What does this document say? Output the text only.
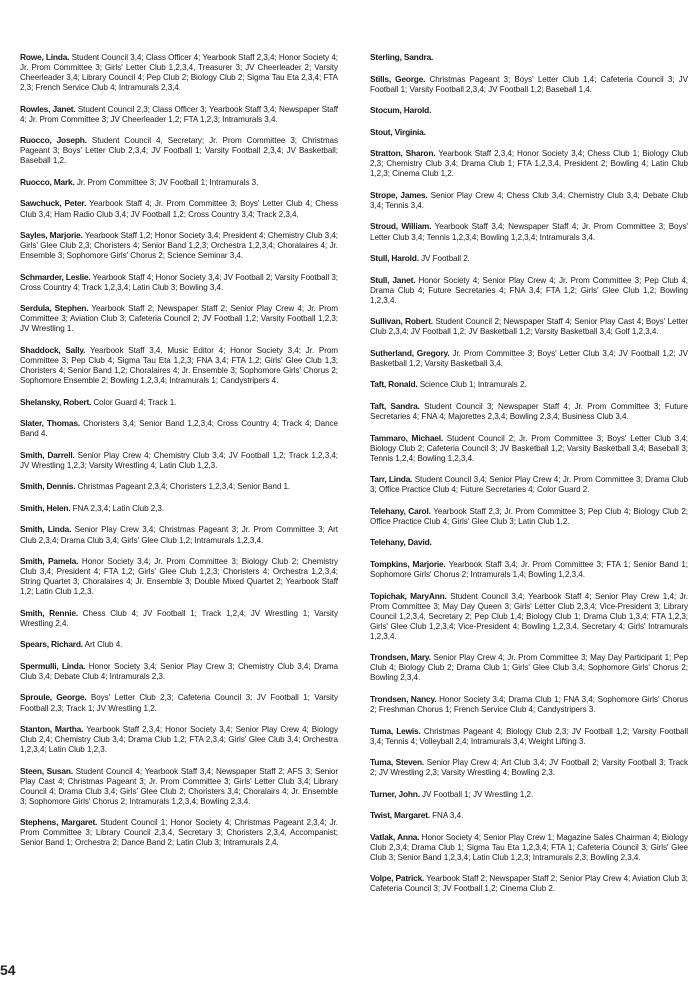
Rowe, Linda. Student Council 3,4; Class Officer 4; Yearbook Staff 2,3,4; Honor Society 4; Jr. Prom Committee 3; Girls' Letter Club 1,2,3,4, Treasurer 3; JV Cheerleader 2; Varsity Cheerleader 3,4; Library Council 4; Pep Club 2; Biology Club 2; Sigma Tau Eta 2,3,4; FTA 2,3; French Service Club 4; Intramurals 2,3,4.

Rowles, Janet. Student Council 2,3; Class Officer 3; Yearbook Staff 3,4; Newspaper Staff 4; Jr. Prom Committee 3; JV Cheerleader 1,2; FTA 1,2,3; Intramurals 3,4.

Ruocco, Joseph. Student Council 4, Secretary; Jr. Prom Committee 3; Christmas Pageant 3; Boys' Letter Club 2,3,4; JV Football 1; Varsity Football 2,3,4; JV Basketball; Baseball 1,2.

Ruocco, Mark. Jr. Prom Committee 3; JV Football 1; Intramurals 3.

Sawchuck, Peter. Yearbook Staff 4; Jr. Prom Committee 3; Boys' Letter Club 4; Chess Club 3,4; Ham Radio Club 3,4; JV Football 1,2; Cross Country 3,4; Track 2,3,4.

Sayles, Marjorie. Yearbook Staff 1,2; Honor Society 3,4; President 4; Chemistry Club 3,4; Girls' Glee Club 2,3; Choristers 4; Senior Band 1,2,3; Orchestra 1,2,3,4; Choralaires 4; Jr. Ensemble 3; Sophomore Girls' Chorus 2; Science Seminar 3,4.

Schmarder, Leslie. Yearbook Staff 4; Honor Society 3,4; JV Football 2; Varsity Football 3; Cross Country 4; Track 1,2,3,4; Latin Club 3; Bowling 3,4.

Serdula, Stephen. Yearbook Staff 2; Newspaper Staff 2; Senior Play Crew 4; Jr. Prom Committee 3; Aviation Club 3; Cafeteria Council 2; JV Football 1,2; Varsity Football 1,2,3; JV Wrestling 1.

Shaddock, Sally. Yearbook Staff 3,4, Music Editor 4; Honor Society 3,4; Jr. Prom Committee 3; Pep Club 4; Sigma Tau Eta 1,2,3; FNA 3,4; FTA 1,2; Girls' Glee Club 1,3; Choristers 4; Senior Band 1,2; Choralaires 4; Jr. Ensemble 3; Sophomore Girls' Chorus 2; Sophomore Ensemble 2; Bowling 1,2,3,4; Intramurals 1; Candystripers 4.

Shelansky, Robert. Color Guard 4; Track 1.

Slater, Thomas. Choristers 3,4; Senior Band 1,2,3,4; Cross Country 4; Track 4; Dance Band 4.

Smith, Darrell. Senior Play Crew 4; Chemistry Club 3,4; JV Football 1,2; Track 1,2,3,4; JV Wrestling 1,2,3; Varsity Wrestling 4; Latin Club 1,2,3.

Smith, Dennis. Christmas Pageant 2,3,4; Choristers 1,2,3,4; Senior Band 1.

Smith, Helen. FNA 2,3,4; Latin Club 2,3.

Smith, Linda. Senior Play Crew 3,4; Christmas Pageant 3; Jr. Prom Committee 3; Art Club 2,3,4; Drama Club 3,4; Girls' Glee Club 1,2; Intramurals 1,2,3,4.

Smith, Pamela. Honor Society 3,4; Jr. Prom Committee 3; Biology Club 2; Chemistry Club 3,4; President 4; FTA 1,2; Girls' Glee Club 1,2,3; Choristers 4; Orchestra 1,2,3,4; String Quartet 3; Choralaires 4; Jr. Ensemble 3; Double Mixed Quartet 2; Yearbook Staff 1,2; Latin Club 1,2,3.

Smith, Rennie. Chess Club 4; JV Football 1; Track 1,2,4; JV Wrestling 1; Varsity Wrestling 2,4.

Spears, Richard. Art Club 4.

Spermulli, Linda. Honor Society 3,4; Senior Play Crew 3; Chemistry Club 3,4; Drama Club 3,4; Debate Club 4; Intramurals 2,3.

Sproule, George. Boys' Letter Club 2,3; Cafeteria Council 3; JV Football 1; Varsity Football 2,3; Track 1; JV Wrestling 1,2.

Stanton, Martha. Yearbook Staff 2,3,4; Honor Society 3,4; Senior Play Crew 4; Biology Club 2,4; Chemistry Club 3,4; Drama Club 1,2; FTA 2,3,4; Girls' Glee Club 3,4; Orchestra 1,2,3,4; Latin Club 1,2,3.

Steen, Susan. Student Council 4; Yearbook Staff 3,4; Newspaper Staff 2; AFS 3; Senior Play Cast 4; Christmas Pageant 3; Jr. Prom Committee 3; Girls' Letter Club 3,4; Library Council 4; Drama Club 3,4; Girls' Glee Club 2; Choristers 3,4; Choralairs 4; Jr. Ensemble 3; Sophomore Girls' Chorus 2; Intramurals 1,2,3,4; Bowling 2,3,4.

Stephens, Margaret. Student Council 1; Honor Society 4; Christmas Pageant 2,3,4; Jr. Prom Committee 3; Library Council 2,3,4, Secretary 3; Choristers 2,3,4, Accompanist; Senior Band 1; Orchestra 2; Dance Band 2; Latin Club 3; Intramurals 2,4.

Sterling, Sandra.

Stills, George. Christmas Pageant 3; Boys' Letter Club 1,4; Cafeteria Council 3; JV Football 1; Varsity Football 2,3,4; JV Football 1,2; Baseball 1,4.

Stocum, Harold.

Stout, Virginia.

Stratton, Sharon. Yearbook Staff 2,3,4; Honor Society 3,4; Chess Club 1; Biology Club 2,3; Chemistry Club 3,4; Drama Club 1; FTA 1,2,3,4, President 2; Bowling 4; Latin Club 1,2,3; Cinema Club 1,2.

Strope, James. Senior Play Crew 4; Chess Club 3,4; Chemistry Club 3,4; Debate Club 3,4; Tennis 3,4.

Stroud, William. Yearbook Staff 3,4; Newspaper Staff 4; Jr. Prom Committee 3; Boys' Letter Club 3,4; Tennis 1,2,3,4; Bowling 1,2,3,4; Intramurals 3,4.

Stull, Harold. JV Football 2.

Stull, Janet. Honor Society 4; Senior Play Crew 4; Jr. Prom Committee 3; Pep Club 4; Drama Club 4; Future Secretaries 4; FNA 3,4; FTA 1,2; Girls' Glee Club 1,2; Bowling 1,2,3,4.

Sullivan, Robert. Student Council 2; Newspaper Staff 4; Senior Play Cast 4; Boys' Letter Club 2,3,4; JV Football 1,2; JV Basketball 1,2; Varsity Basketball 3,4; Golf 1,2,3,4.

Sutherland, Gregory. Jr. Prom Committee 3; Boys' Letter Club 3,4; JV Football 1,2; JV Basketball 1,2; Varsity Basketball 3,4.

Taft, Ronald. Science Club 1; Intramurals 2.

Taft, Sandra. Student Council 3; Newspaper Staff 4; Jr. Prom Committee 3; Future Secretaries 4; FNA 4; Majorettes 2,3,4; Bowling 2,3,4; Business Club 3,4.

Tammaro, Michael. Student Council 2; Jr. Prom Committee 3; Boys' Letter Club 3,4; Biology Club 2; Cafeteria Council 3; JV Basketball 1,2; Varsity Basketball 3,4; Baseball 3; Tennis 1,2,4; Bowling 1,2,3,4.

Tarr, Linda. Student Council 3,4; Senior Play Crew 4; Jr. Prom Committee 3; Drama Club 3; Office Practice Club 4; Future Secretaries 4; Color Guard 2.

Telehany, Carol. Yearbook Staff 2,3; Jr. Prom Committee 3; Pep Club 4; Biology Club 2; Office Practice Club 4; Girls' Glee Club 3; Latin Club 1,2.

Telehany, David.

Tompkins, Marjorie. Yearbook Staff 3,4; Jr. Prom Committee 3; FTA 1; Senior Band 1; Sophomore Girls' Chorus 2; Intramurals 1,4; Bowling 1,2,3,4.

Topichak, MaryAnn. Student Council 3,4; Yearbook Staff 4; Senior Play Crew 1,4; Jr. Prom Committee 3; May Day Queen 3; Girls' Letter Club 2,3,4; Vice-President 3; Library Council 1,2,3,4, Secretary 2; Pep Club 1,4; Biology Club 1; Drama Club 1,3,4; FTA 1,2,3; Girls' Glee Club 1,2,3,4; Vice-President 4; Bowling 1,2,3,4, Secretary 4; Girls' Intramurals 1,2,3,4.

Trondsen, Mary. Senior Play Crew 4; Jr. Prom Committee 3; May Day Participant 1; Pep Club 4; Biology Club 2; Drama Club 1; Girls' Glee Club 3,4; Sophomore Girls' Chorus 2; Bowling 2,3,4.

Trondsen, Nancy. Honor Society 3,4; Drama Club 1; FNA 3,4; Sophomore Girls' Chorus 2; Freshman Chorus 1; French Service Club 4; Candystripers 3.

Tuma, Lewis. Christmas Pageant 4; Biology Club 2,3; JV Football 1,2; Varsity Football 3,4; Tennis 4; Volleyball 2,4; Intramurals 3,4; Weight Lifting 3.

Tuma, Steven. Senior Play Crew 4; Art Club 3,4; JV Football 2; Varsity Football 3; Track 2; JV Wrestling 2,3; Varsity Wrestling 4; Bowling 2,3.

Turner, John. JV Football 1; JV Wrestling 1,2.

Twist, Margaret. FNA 3,4.

Vatlak, Anna. Honor Society 4; Senior Play Crew 1; Magazine Sales Chairman 4; Biology Club 2,3,4; Drama Club 1; Sigma Tau Eta 1,2,3,4; FTA 1; Cafeteria Council 3; Girls' Glee Club 3; Senior Band 1,2,3,4; Latin Club 1,2,3; Intramurals 2,3; Bowling 2,3,4.

Volpe, Patrick. Yearbook Staff 2; Newspaper Staff 2; Senior Play Crew 4; Aviation Club 3; Cafeteria Council 3; JV Football 1,2; Cinema Club 2.

54
